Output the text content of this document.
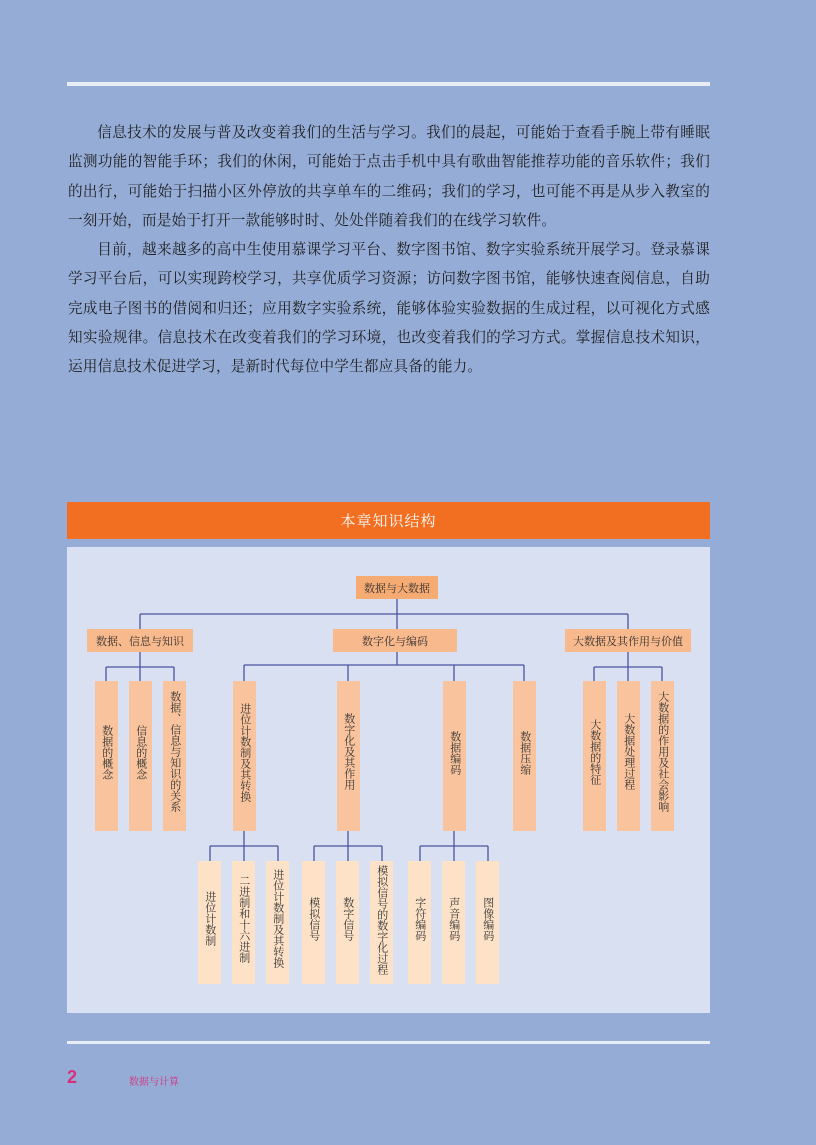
信息技术的发展与普及改变着我们的生活与学习。我们的晨起，可能始于查看手腕上带有睡眠监测功能的智能手环；我们的休闲，可能始于点击手机中具有歌曲智能推荐功能的音乐软件；我们的出行，可能始于扫描小区外停放的共享单车的二维码；我们的学习，也可能不再是从步入教室的一刻开始，而是始于打开一款能够时时、处处伴随着我们的在线学习软件。

目前，越来越多的高中生使用慕课学习平台、数字图书馆、数字实验系统开展学习。登录慕课学习平台后，可以实现跨校学习，共享优质学习资源；访问数字图书馆，能够快速查阅信息，自助完成电子图书的借阅和归还；应用数字实验系统，能够体验实验数据的生成过程，以可视化方式感知实验规律。信息技术在改变着我们的学习环境，也改变着我们的学习方式。掌握信息技术知识，运用信息技术促进学习，是新时代每位中学生都应具备的能力。

本章知识结构
数据与大数据
数据、信息与知识	数字化与编码	大数据及其作用与价值
数据的概念 信息的概念 数据、信息与知识的关系	进位计数制及其转换	数字化及其作用	数据编码	数据压缩	大数据的特征 大数据处理过程 大数据的作用及社会影响
进位计数制 二进制和十六进制 进位计数制及其转换 模拟信号 数字信号 模拟信号的数字化过程 字符编码 声音编码 图像编码
2	数据与计算
